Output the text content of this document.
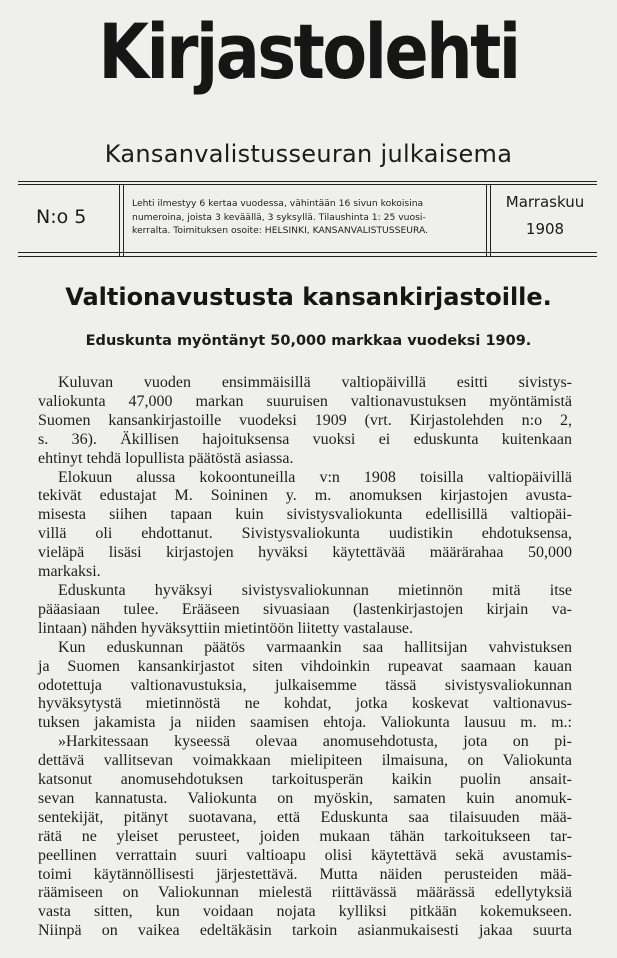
Kirjastolehti
Kansanvalistusseuran julkaisema
N:o 5
Lehti ilmestyy 6 kertaa vuodessa, vähintään 16 sivun kokoisina
numeroina, joista 3 keväällä, 3 syksyllä. Tilaushinta 1: 25 vuosi-
kerralta. Toimituksen osoite: HELSINKI, KANSANVALISTUSSEURA.
Marraskuu
1908
Valtionavustusta kansankirjastoille.
Eduskunta myöntänyt 50,000 markkaa vuodeksi 1909.
Kuluvan vuoden ensimmäisillä valtiopäivillä esitti sivistys-
valiokunta 47,000 markan suuruisen valtionavustuksen myöntämistä
Suomen kansankirjastoille vuodeksi 1909 (vrt. Kirjastolehden n:o 2,
s. 36). Äkillisen hajoituksensa vuoksi ei eduskunta kuitenkaan
ehtinyt tehdä lopullista päätöstä asiassa.
Elokuun alussa kokoontuneilla v:n 1908 toisilla valtiopäivillä
tekivät edustajat M. Soininen y. m. anomuksen kirjastojen avusta-
misesta siihen tapaan kuin sivistysvaliokunta edellisillä valtiopäi-
villä oli ehdottanut. Sivistysvaliokunta uudistikin ehdotuksensa,
vieläpä lisäsi kirjastojen hyväksi käytettävää määrärahaa 50,000
markaksi.
Eduskunta hyväksyi sivistysvaliokunnan mietinnön mitä itse
pääasiaan tulee. Erääseen sivuasiaan (lastenkirjastojen kirjain va-
lintaan) nähden hyväksyttiin mietintöön liitetty vastalause.
Kun eduskunnan päätös varmaankin saa hallitsijan vahvistuksen
ja Suomen kansankirjastot siten vihdoinkin rupeavat saamaan kauan
odotettuja valtionavustuksia, julkaisemme tässä sivistysvaliokunnan
hyväksytystä mietinnöstä ne kohdat, jotka koskevat valtionavus-
tuksen jakamista ja niiden saamisen ehtoja. Valiokunta lausuu m. m.:
»Harkitessaan kyseessä olevaa anomusehdotusta, jota on pi-
dettävä vallitsevan voimakkaan mielipiteen ilmaisuna, on Valiokunta
katsonut anomusehdotuksen tarkoitusperän kaikin puolin ansait-
sevan kannatusta. Valiokunta on myöskin, samaten kuin anomuk-
sentekijät, pitänyt suotavana, että Eduskunta saa tilaisuuden mää-
rätä ne yleiset perusteet, joiden mukaan tähän tarkoitukseen tar-
peellinen verrattain suuri valtioapu olisi käytettävä sekä avustamis-
toimi käytännöllisesti järjestettävä. Mutta näiden perusteiden mää-
räämiseen on Valiokunnan mielestä riittävässä määrässä edellytyksiä
vasta sitten, kun voidaan nojata kylliksi pitkään kokemukseen.
Niinpä on vaikea edeltäkäsin tarkoin asianmukaisesti jakaa suurta
